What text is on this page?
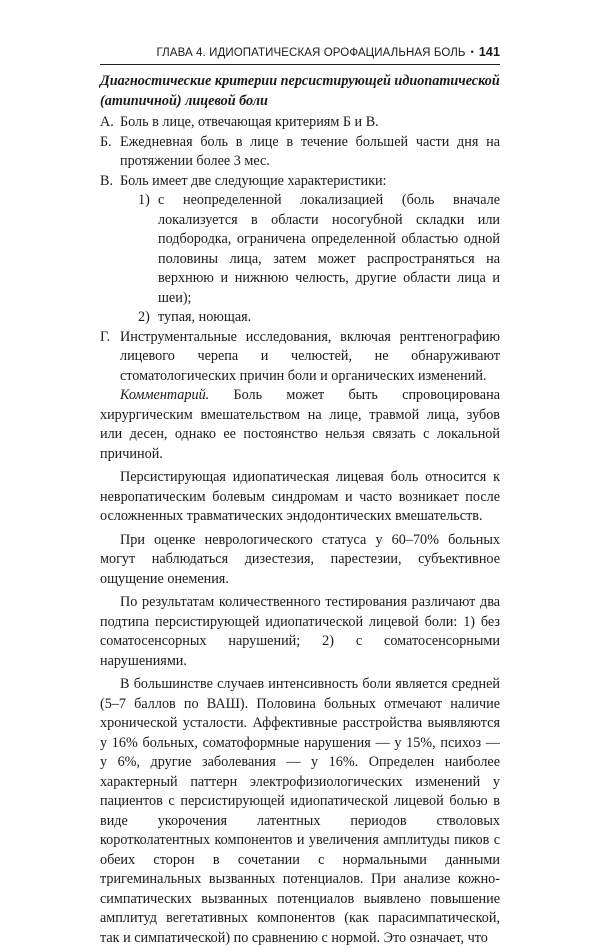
ГЛАВА 4. ИДИОПАТИЧЕСКАЯ ОРОФАЦИАЛЬНАЯ БОЛЬ • 141
Диагностические критерии персистирующей идиопатической (атипичной) лицевой боли
А. Боль в лице, отвечающая критериям Б и В.
Б. Ежедневная боль в лице в течение большей части дня на протяжении более 3 мес.
В. Боль имеет две следующие характеристики:
1) с неопределенной локализацией (боль вначале локализуется в области носогубной складки или подбородка, ограничена определенной областью одной половины лица, затем может распространяться на верхнюю и нижнюю челюсть, другие области лица и шеи);
2) тупая, ноющая.
Г. Инструментальные исследования, включая рентгенографию лицевого черепа и челюстей, не обнаруживают стоматологических причин боли и органических изменений.

Комментарий. Боль может быть спровоцирована хирургическим вмешательством на лице, травмой лица, зубов или десен, однако ее постоянство нельзя связать с локальной причиной.

Персистирующая идиопатическая лицевая боль относится к невропатическим болевым синдромам и часто возникает после осложненных травматических эндодонтических вмешательств.

При оценке неврологического статуса у 60–70% больных могут наблюдаться дизестезия, парестезии, субъективное ощущение онемения.

По результатам количественного тестирования различают два подтипа персистирующей идиопатической лицевой боли: 1) без соматосенсорных нарушений; 2) с соматосенсорными нарушениями.

В большинстве случаев интенсивность боли является средней (5–7 баллов по ВАШ). Половина больных отмечают наличие хронической усталости. Аффективные расстройства выявляются у 16% больных, соматоформные нарушения — у 15%, психоз — у 6%, другие заболевания — у 16%. Определен наиболее характерный паттерн электрофизиологических изменений у пациентов с персистирующей идиопатической лицевой болью в виде укорочения латентных периодов стволовых коротколатентных компонентов и увеличения амплитуды пиков с обеих сторон в сочетании с нормальными данными тригеминальных вызванных потенциалов. При анализе кожно-симпатических вызванных потенциалов выявлено повышение амплитуд вегетативных компонентов (как парасимпатической, так и симпатической) по сравнению с нормой. Это означает, что
